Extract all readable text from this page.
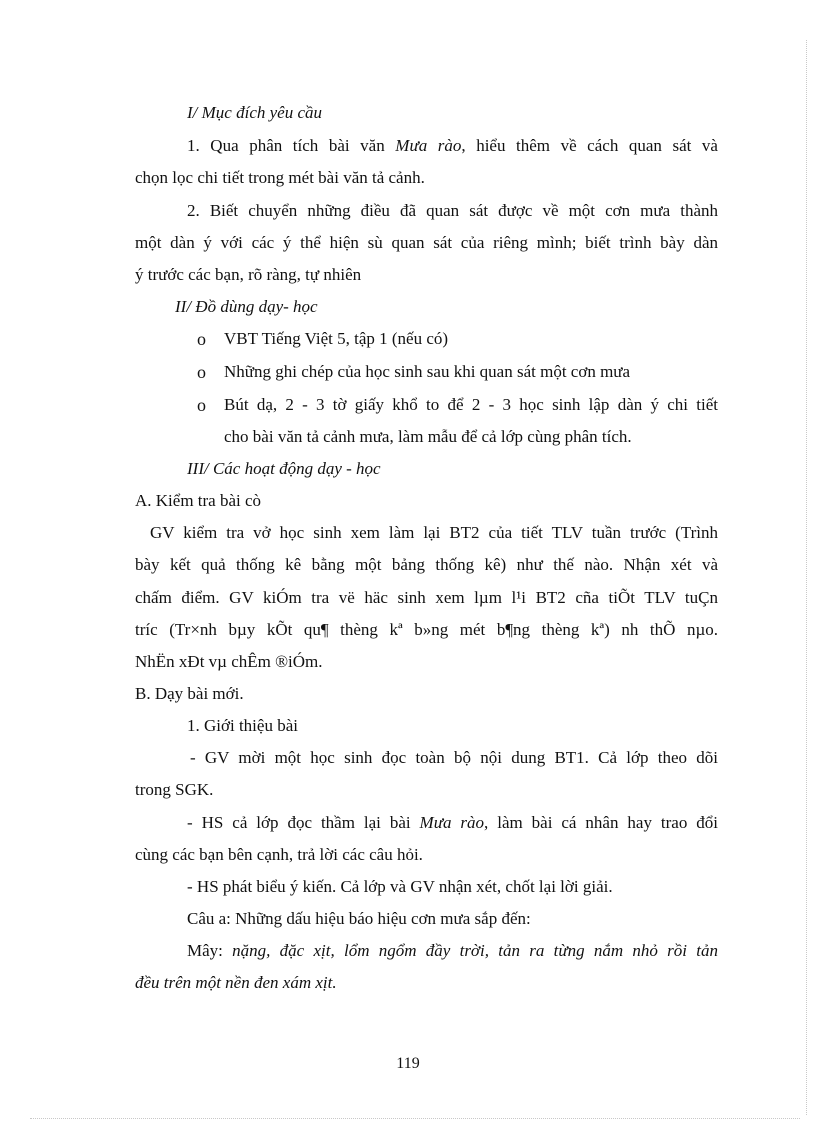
I/ Mục đích yêu cầu
1. Qua phân tích bài văn Mưa rào, hiểu thêm về cách quan sát và
chọn lọc chi tiết trong mét bài văn tả cảnh.
2. Biết chuyển những điều đã quan sát được về một cơn mưa thành
một dàn ý với các ý thể hiện sù quan sát của riêng mình; biết trình bày dàn
ý trước các bạn, rõ ràng, tự nhiên
II/ Đồ dùng dạy- học
o VBT Tiếng Việt 5, tập 1 (nếu có)
o Những ghi chép của học sinh sau khi quan sát một cơn mưa
o Bút dạ, 2 - 3 tờ giấy khổ to để 2 - 3 học sinh lập dàn ý chi tiết
cho bài văn tả cảnh mưa, làm mẫu để cả lớp cùng phân tích.
III/ Các hoạt động dạy - học
A. Kiểm tra bài cò
GV kiểm tra vở học sinh xem làm lại BT2 của tiết TLV tuần trước (Trình
bày kết quả thống kê bằng một bảng thống kê) như thế nào. Nhận xét và
chấm điểm. GV kiÓm tra vë häc sinh xem lµm l¹i BT2 cña tiÕt TLV tuÇn
tríc (Tr×nh bµy kÕt qu¶ thèng kª b»ng mét b¶ng thèng kª) nh thÕ nµo.
NhËn xÐt vµ chÊm ®iÓm.
B. Dạy bài mới.
1. Giới thiệu bài
- GV mời một học sinh đọc toàn bộ nội dung BT1. Cả lớp theo dõi
trong SGK.
- HS cả lớp đọc thầm lại bài Mưa rào, làm bài cá nhân hay trao đổi
cùng các bạn bên cạnh, trả lời các câu hỏi.
- HS phát biểu ý kiến. Cả lớp và GV nhận xét, chốt lại lời giải.
Câu a: Những dấu hiệu báo hiệu cơn mưa sắp đến:
Mây: nặng, đặc xịt, lổm ngổm đầy trời, tản ra từng nắm nhỏ rồi tản
đều trên một nền đen xám xịt.
119
